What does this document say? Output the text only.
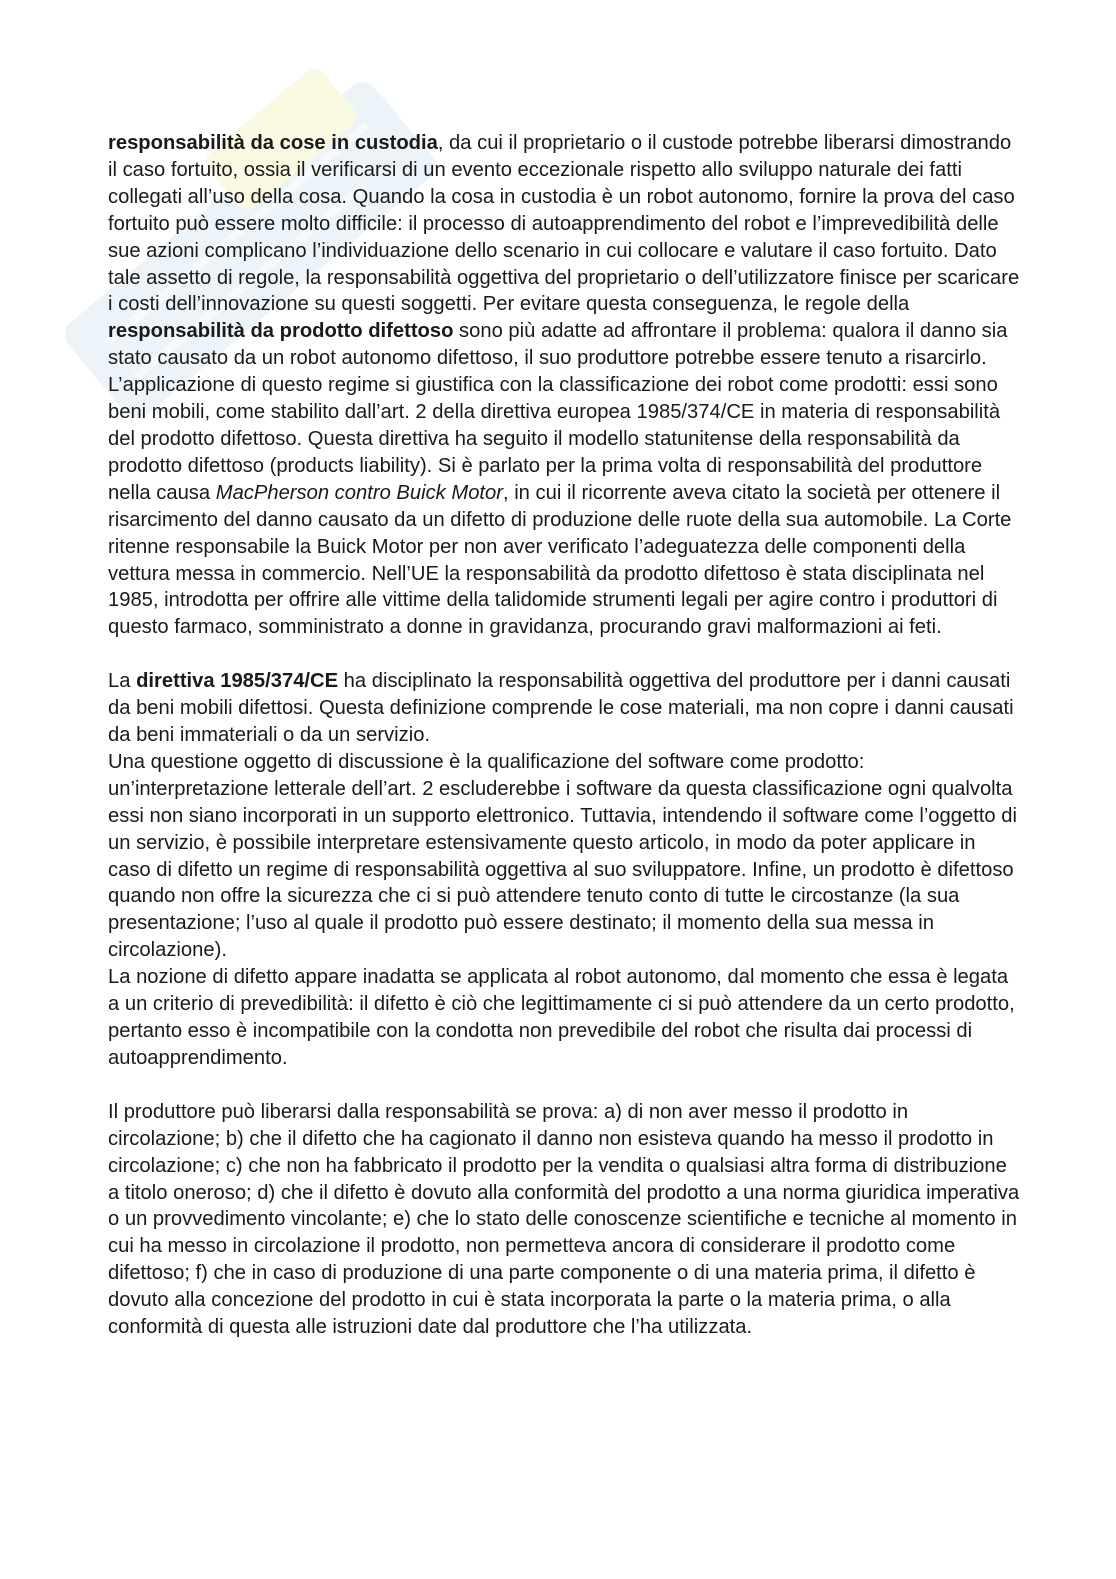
responsabilità da cose in custodia, da cui il proprietario o il custode potrebbe liberarsi dimostrando il caso fortuito, ossia il verificarsi di un evento eccezionale rispetto allo sviluppo naturale dei fatti collegati all’uso della cosa. Quando la cosa in custodia è un robot autonomo, fornire la prova del caso fortuito può essere molto difficile: il processo di autoapprendimento del robot e l’imprevedibilità delle sue azioni complicano l’individuazione dello scenario in cui collocare e valutare il caso fortuito. Dato tale assetto di regole, la responsabilità oggettiva del proprietario o dell’utilizzatore finisce per scaricare i costi dell’innovazione su questi soggetti. Per evitare questa conseguenza, le regole della responsabilità da prodotto difettoso sono più adatte ad affrontare il problema: qualora il danno sia stato causato da un robot autonomo difettoso, il suo produttore potrebbe essere tenuto a risarcirlo. L’applicazione di questo regime si giustifica con la classificazione dei robot come prodotti: essi sono beni mobili, come stabilito dall’art. 2 della direttiva europea 1985/374/CE in materia di responsabilità del prodotto difettoso. Questa direttiva ha seguito il modello statunitense della responsabilità da prodotto difettoso (products liability). Si è parlato per la prima volta di responsabilità del produttore nella causa MacPherson contro Buick Motor, in cui il ricorrente aveva citato la società per ottenere il risarcimento del danno causato da un difetto di produzione delle ruote della sua automobile. La Corte ritenne responsabile la Buick Motor per non aver verificato l’adeguatezza delle componenti della vettura messa in commercio. Nell’UE la responsabilità da prodotto difettoso è stata disciplinata nel 1985, introdotta per offrire alle vittime della talidomide strumenti legali per agire contro i produttori di questo farmaco, somministrato a donne in gravidanza, procurando gravi malformazioni ai feti.

La direttiva 1985/374/CE ha disciplinato la responsabilità oggettiva del produttore per i danni causati da beni mobili difettosi. Questa definizione comprende le cose materiali, ma non copre i danni causati da beni immateriali o da un servizio.

Una questione oggetto di discussione è la qualificazione del software come prodotto: un’interpretazione letterale dell’art. 2 escluderebbe i software da questa classificazione ogni qualvolta essi non siano incorporati in un supporto elettronico. Tuttavia, intendendo il software come l’oggetto di un servizio, è possibile interpretare estensivamente questo articolo, in modo da poter applicare in caso di difetto un regime di responsabilità oggettiva al suo sviluppatore. Infine, un prodotto è difettoso quando non offre la sicurezza che ci si può attendere tenuto conto di tutte le circostanze (la sua presentazione; l’uso al quale il prodotto può essere destinato; il momento della sua messa in circolazione).

La nozione di difetto appare inadatta se applicata al robot autonomo, dal momento che essa è legata a un criterio di prevedibilità: il difetto è ciò che legittimamente ci si può attendere da un certo prodotto, pertanto esso è incompatibile con la condotta non prevedibile del robot che risulta dai processi di autoapprendimento.

Il produttore può liberarsi dalla responsabilità se prova: a) di non aver messo il prodotto in circolazione; b) che il difetto che ha cagionato il danno non esisteva quando ha messo il prodotto in circolazione; c) che non ha fabbricato il prodotto per la vendita o qualsiasi altra forma di distribuzione a titolo oneroso; d) che il difetto è dovuto alla conformità del prodotto a una norma giuridica imperativa o un provvedimento vincolante; e) che lo stato delle conoscenze scientifiche e tecniche al momento in cui ha messo in circolazione il prodotto, non permetteva ancora di considerare il prodotto come difettoso; f) che in caso di produzione di una parte componente o di una materia prima, il difetto è dovuto alla concezione del prodotto in cui è stata incorporata la parte o la materia prima, o alla conformità di questa alle istruzioni date dal produttore che l’ha utilizzata.
